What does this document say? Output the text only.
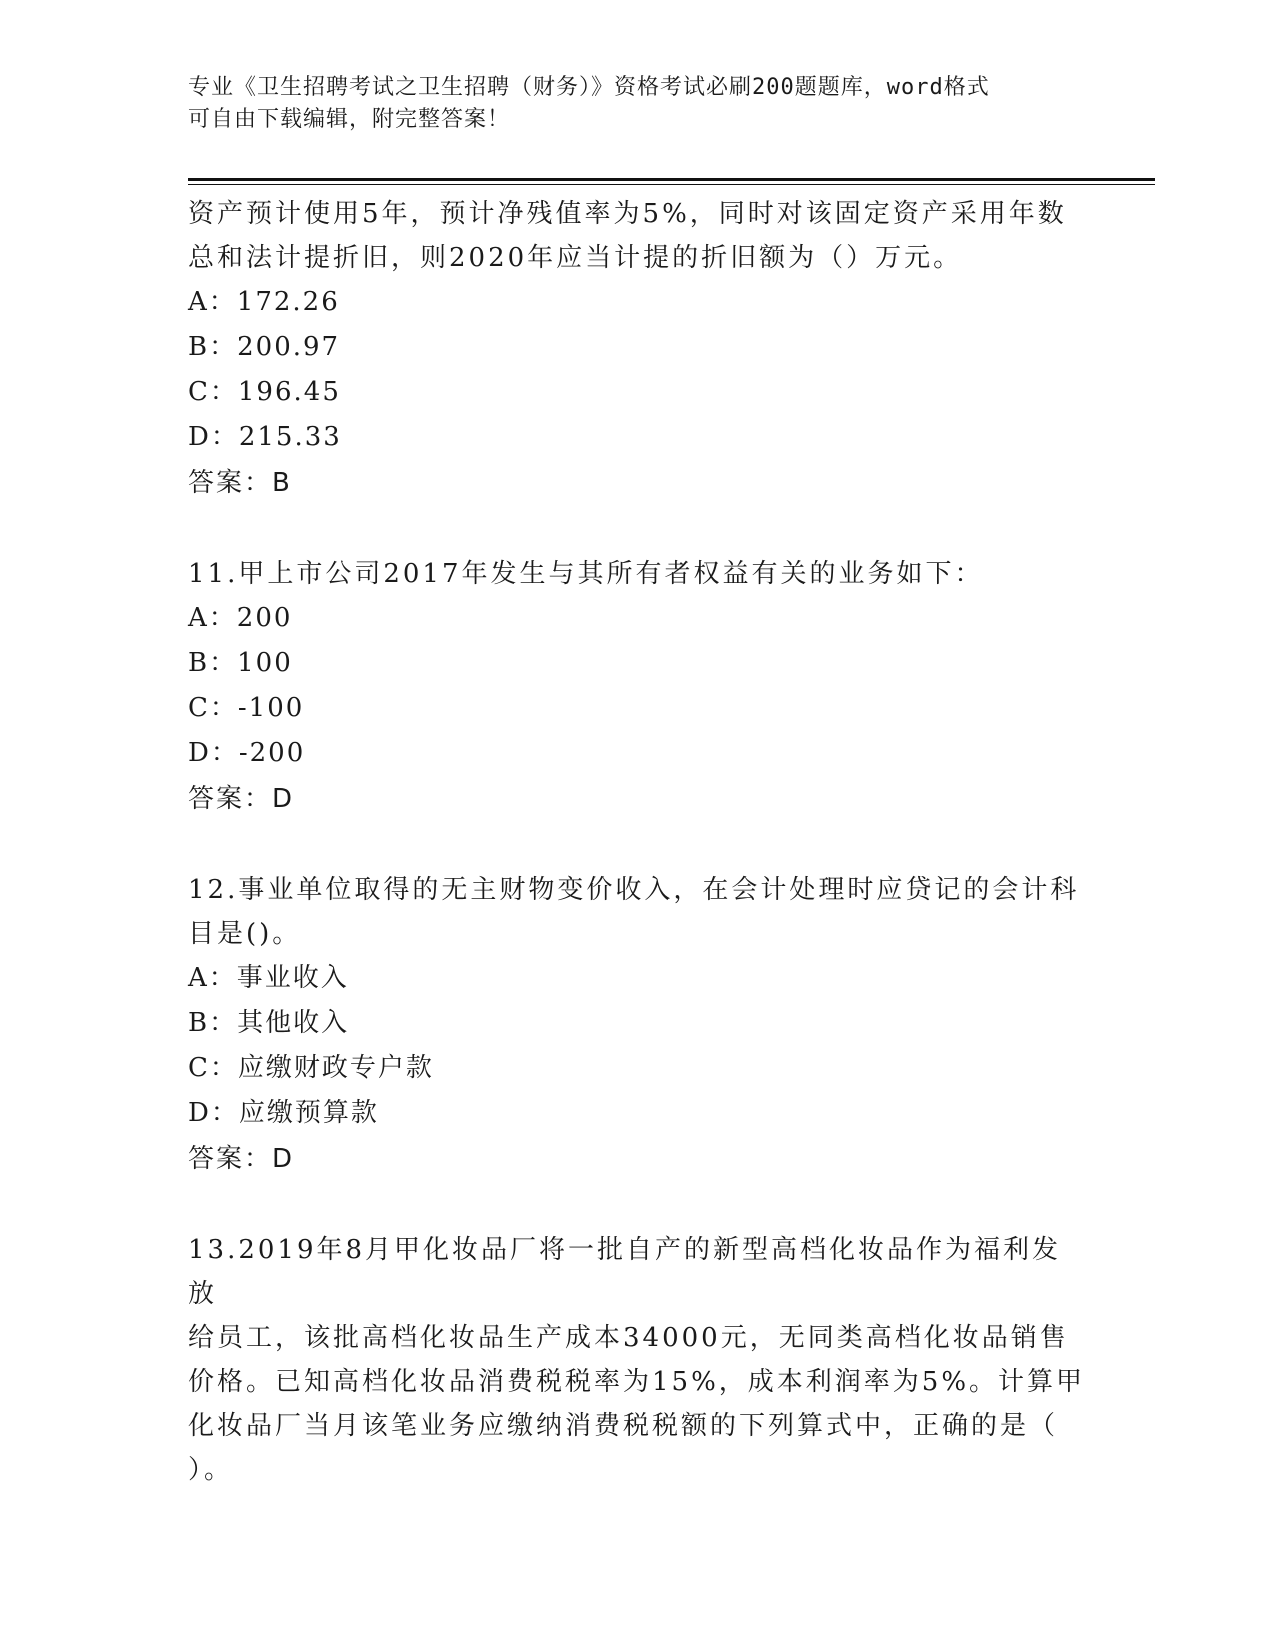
专业《卫生招聘考试之卫生招聘（财务）》资格考试必刷200题题库，word格式
可自由下载编辑，附完整答案！

资产预计使用5年，预计净残值率为5%，同时对该固定资产采用年数

总和法计提折旧，则2020年应当计提的折旧额为（）万元。

A：172.26

B：200.97

C：196.45

D：215.33

答案：B

11.甲上市公司2017年发生与其所有者权益有关的业务如下：

A：200

B：100

C：-100

D：-200

答案：D

12.事业单位取得的无主财物变价收入，在会计处理时应贷记的会计科

目是()。

A：事业收入

B：其他收入

C：应缴财政专户款

D：应缴预算款

答案：D

13.2019年8月甲化妆品厂将一批自产的新型高档化妆品作为福利发放

给员工，该批高档化妆品生产成本34000元，无同类高档化妆品销售

价格。已知高档化妆品消费税税率为15%，成本利润率为5%。计算甲

化妆品厂当月该笔业务应缴纳消费税税额的下列算式中，正确的是（

）。
